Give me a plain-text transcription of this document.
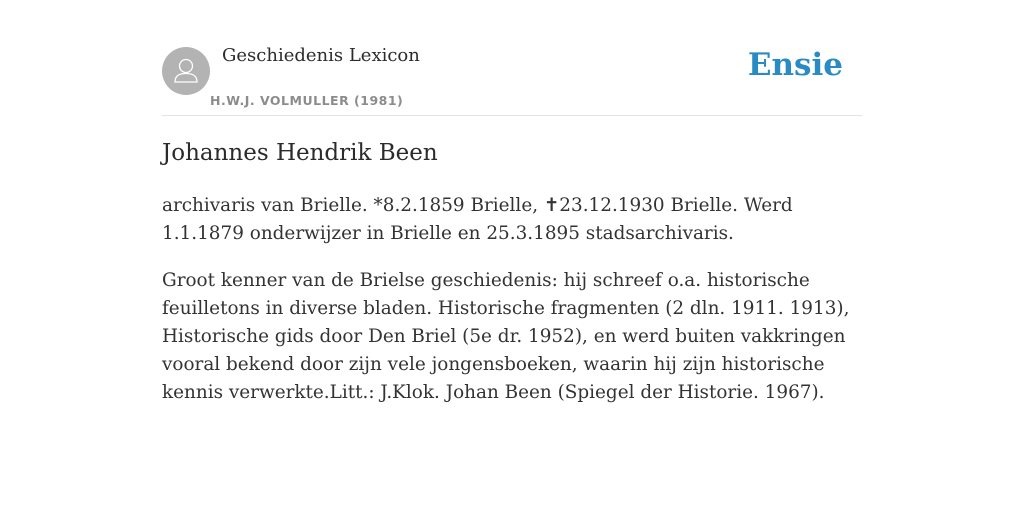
Geschiedenis Lexicon
H.W.J. VOLMULLER (1981)
Ensie
Johannes Hendrik Been

archivaris van Brielle. *8.2.1859 Brielle, ✝23.12.1930 Brielle. Werd 1.1.1879 onderwijzer in Brielle en 25.3.1895 stadsarchivaris.

Groot kenner van de Brielse geschiedenis: hij schreef o.a. historische feuilletons in diverse bladen. Historische fragmenten (2 dln. 1911. 1913), Historische gids door Den Briel (5e dr. 1952), en werd buiten vakkringen vooral bekend door zijn vele jongensboeken, waarin hij zijn historische kennis verwerkte.Litt.: J.Klok. Johan Been (Spiegel der Historie. 1967).
